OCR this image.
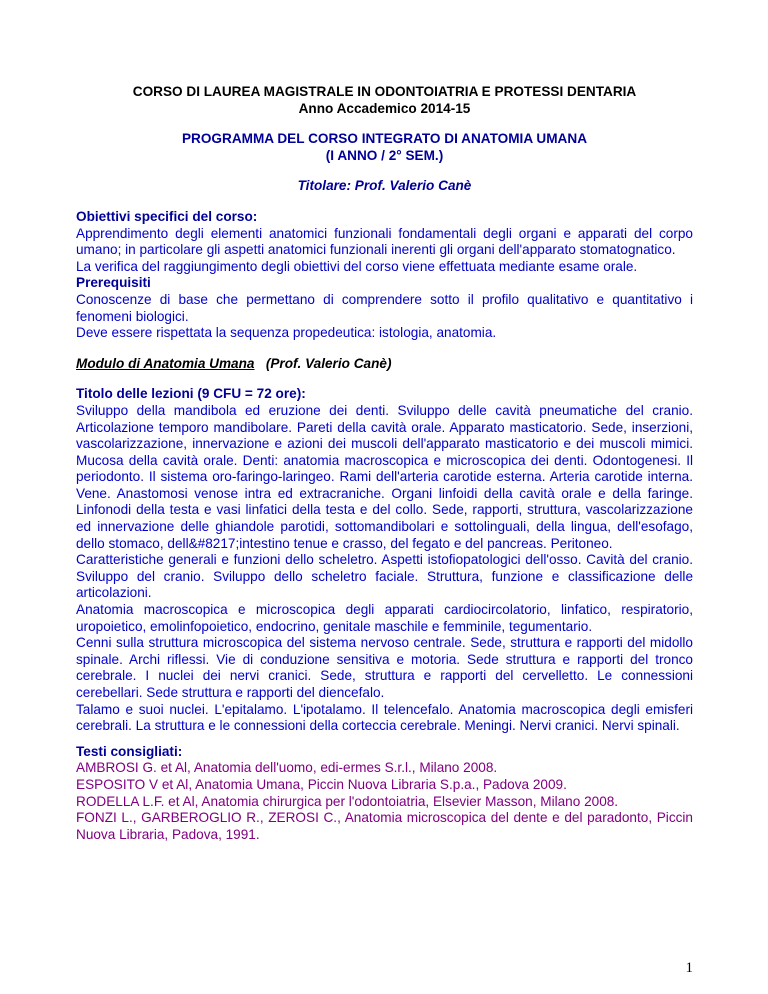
CORSO DI LAUREA MAGISTRALE IN ODONTOIATRIA E PROTESSI DENTARIA

Anno Accademico 2014-15

PROGRAMMA DEL CORSO INTEGRATO DI ANATOMIA UMANA

(I ANNO / 2° SEM.)

Titolare: Prof. Valerio Canè

Obiettivi specifici del corso:

Apprendimento degli elementi anatomici funzionali fondamentali degli organi e apparati del corpo umano; in particolare gli aspetti anatomici funzionali inerenti gli organi dell'apparato stomatognatico.

La verifica del raggiungimento degli obiettivi del corso viene effettuata mediante esame orale.

Prerequisiti

Conoscenze di base che permettano di comprendere sotto il profilo qualitativo e quantitativo i fenomeni biologici.

Deve essere rispettata la sequenza propedeutica: istologia, anatomia.

Modulo di Anatomia Umana (Prof. Valerio Canè)

Titolo delle lezioni (9 CFU = 72 ore):

Sviluppo della mandibola ed eruzione dei denti. Sviluppo delle cavità pneumatiche del cranio. Articolazione temporo mandibolare. Pareti della cavità orale. Apparato masticatorio. Sede, inserzioni, vascolarizzazione, innervazione e azioni dei muscoli dell'apparato masticatorio e dei muscoli mimici. Mucosa della cavità orale. Denti: anatomia macroscopica e microscopica dei denti. Odontogenesi. Il periodonto. Il sistema oro-faringo-laringeo. Rami dell'arteria carotide esterna. Arteria carotide interna. Vene. Anastomosi venose intra ed extracraniche. Organi linfoidi della cavità orale e della faringe. Linfonodi della testa e vasi linfatici della testa e del collo. Sede, rapporti, struttura, vascolarizzazione ed innervazione delle ghiandole parotidi, sottomandibolari e sottolinguali, della lingua, dell'esofago, dello stomaco, dell&#8217;intestino tenue e crasso, del fegato e del pancreas. Peritoneo.

Caratteristiche generali e funzioni dello scheletro. Aspetti istofiopatologici dell'osso. Cavità del cranio. Sviluppo del cranio. Sviluppo dello scheletro faciale. Struttura, funzione e classificazione delle articolazioni.

Anatomia macroscopica e microscopica degli apparati cardiocircolatorio, linfatico, respiratorio, uropoietico, emolinfopoietico, endocrino, genitale maschile e femminile, tegumentario.

Cenni sulla struttura microscopica del sistema nervoso centrale. Sede, struttura e rapporti del midollo spinale. Archi riflessi. Vie di conduzione sensitiva e motoria. Sede struttura e rapporti del tronco cerebrale. I nuclei dei nervi cranici. Sede, struttura e rapporti del cervelletto. Le connessioni cerebellari. Sede struttura e rapporti del diencefalo.

Talamo e suoi nuclei. L'epitalamo. L'ipotalamo. Il telencefalo. Anatomia macroscopica degli emisferi cerebrali. La struttura e le connessioni della corteccia cerebrale. Meningi. Nervi cranici. Nervi spinali.

Testi consigliati:

AMBROSI G. et Al, Anatomia dell'uomo, edi-ermes S.r.l., Milano 2008.

ESPOSITO V et Al, Anatomia Umana, Piccin Nuova Libraria S.p.a., Padova 2009.

RODELLA L.F. et Al, Anatomia chirurgica per l'odontoiatria, Elsevier Masson, Milano 2008.

FONZI L., GARBEROGLIO R., ZEROSI C., Anatomia microscopica del dente e del paradonto, Piccin Nuova Libraria, Padova, 1991.

1
